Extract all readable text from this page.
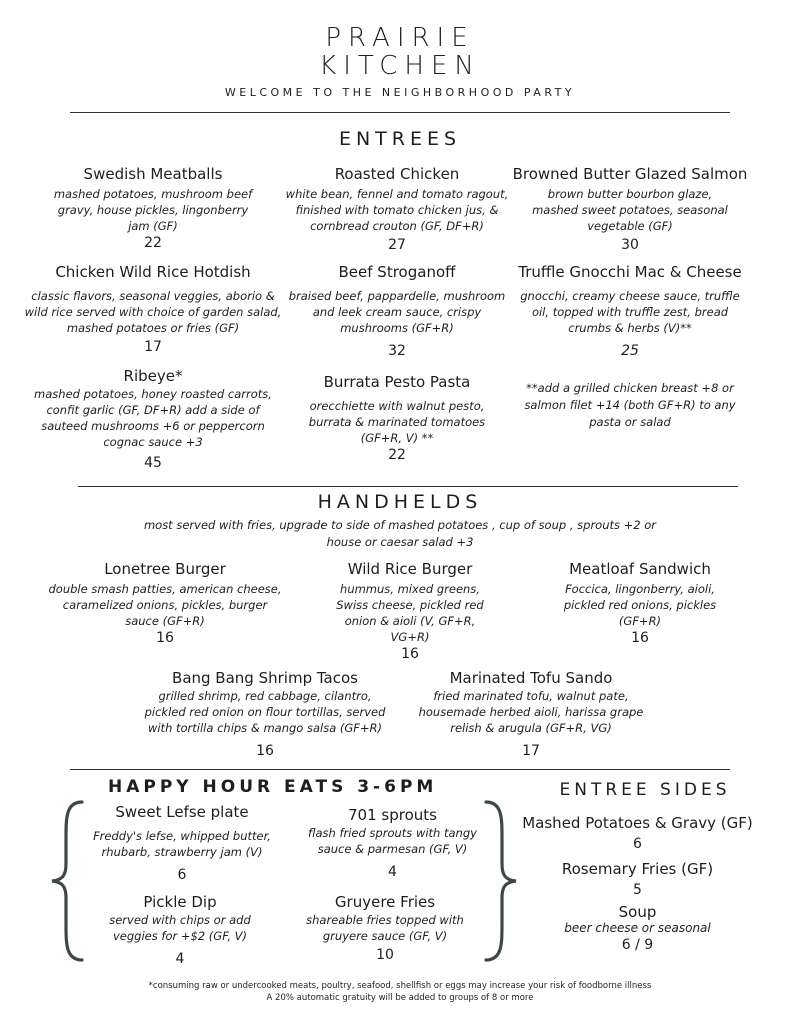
PRAIRIE
KITCHEN
WELCOME TO THE NEIGHBORHOOD PARTY
ENTREES
Swedish Meatballs
mashed potatoes, mushroom beef gravy, house pickles, lingonberry jam (GF)
22
Roasted Chicken
white bean, fennel and tomato ragout, finished with tomato chicken jus, & cornbread crouton (GF, DF+R)
27
Browned Butter Glazed Salmon
brown butter bourbon glaze, mashed sweet potatoes, seasonal vegetable (GF)
30
Chicken Wild Rice Hotdish
classic flavors, seasonal veggies, aborio & wild rice served with choice of garden salad, mashed potatoes or fries (GF)
17
Beef Stroganoff
braised beef, pappardelle, mushroom and leek cream sauce, crispy mushrooms (GF+R)
32
Truffle Gnocchi Mac & Cheese
gnocchi, creamy cheese sauce, truffle oil, topped with truffle zest, bread crumbs & herbs (V)**
25
Ribeye*
mashed potatoes, honey roasted carrots, confit garlic (GF, DF+R) add a side of sauteed mushrooms +6 or peppercorn cognac sauce +3
45
Burrata Pesto Pasta
orecchiette with walnut pesto, burrata & marinated tomatoes (GF+R, V) **
22
**add a grilled chicken breast +8 or salmon filet +14 (both GF+R) to any pasta or salad
HANDHELDS
most served with fries, upgrade to side of mashed potatoes , cup of soup , sprouts +2 or house or caesar salad +3
Lonetree Burger
double smash patties, american cheese, caramelized onions, pickles, burger sauce (GF+R)
16
Wild Rice Burger
hummus, mixed greens, Swiss cheese, pickled red onion & aioli (V, GF+R, VG+R)
16
Meatloaf Sandwich
Foccica, lingonberry, aioli, pickled red onions, pickles (GF+R)
16
Bang Bang Shrimp Tacos
grilled shrimp, red cabbage, cilantro, pickled red onion on flour tortillas, served with tortilla chips & mango salsa (GF+R)
16
Marinated Tofu Sando
fried marinated tofu, walnut pate, housemade herbed aioli, harissa grape relish & arugula (GF+R, VG)
17
HAPPY HOUR EATS 3-6PM
Sweet Lefse plate
Freddy's lefse, whipped butter, rhubarb, strawberry jam (V)
6
701 sprouts
flash fried sprouts with tangy sauce & parmesan (GF, V)
4
Pickle Dip
served with chips or add veggies for +$2 (GF, V)
4
Gruyere Fries
shareable fries topped with gruyere sauce (GF, V)
10
ENTREE SIDES
Mashed Potatoes & Gravy (GF)
6
Rosemary Fries (GF)
5
Soup
beer cheese or seasonal
6 / 9
*consuming raw or undercooked meats, poultry, seafood, shellfish or eggs may increase your risk of foodborne illness
A 20% automatic gratuity will be added to groups of 8 or more
